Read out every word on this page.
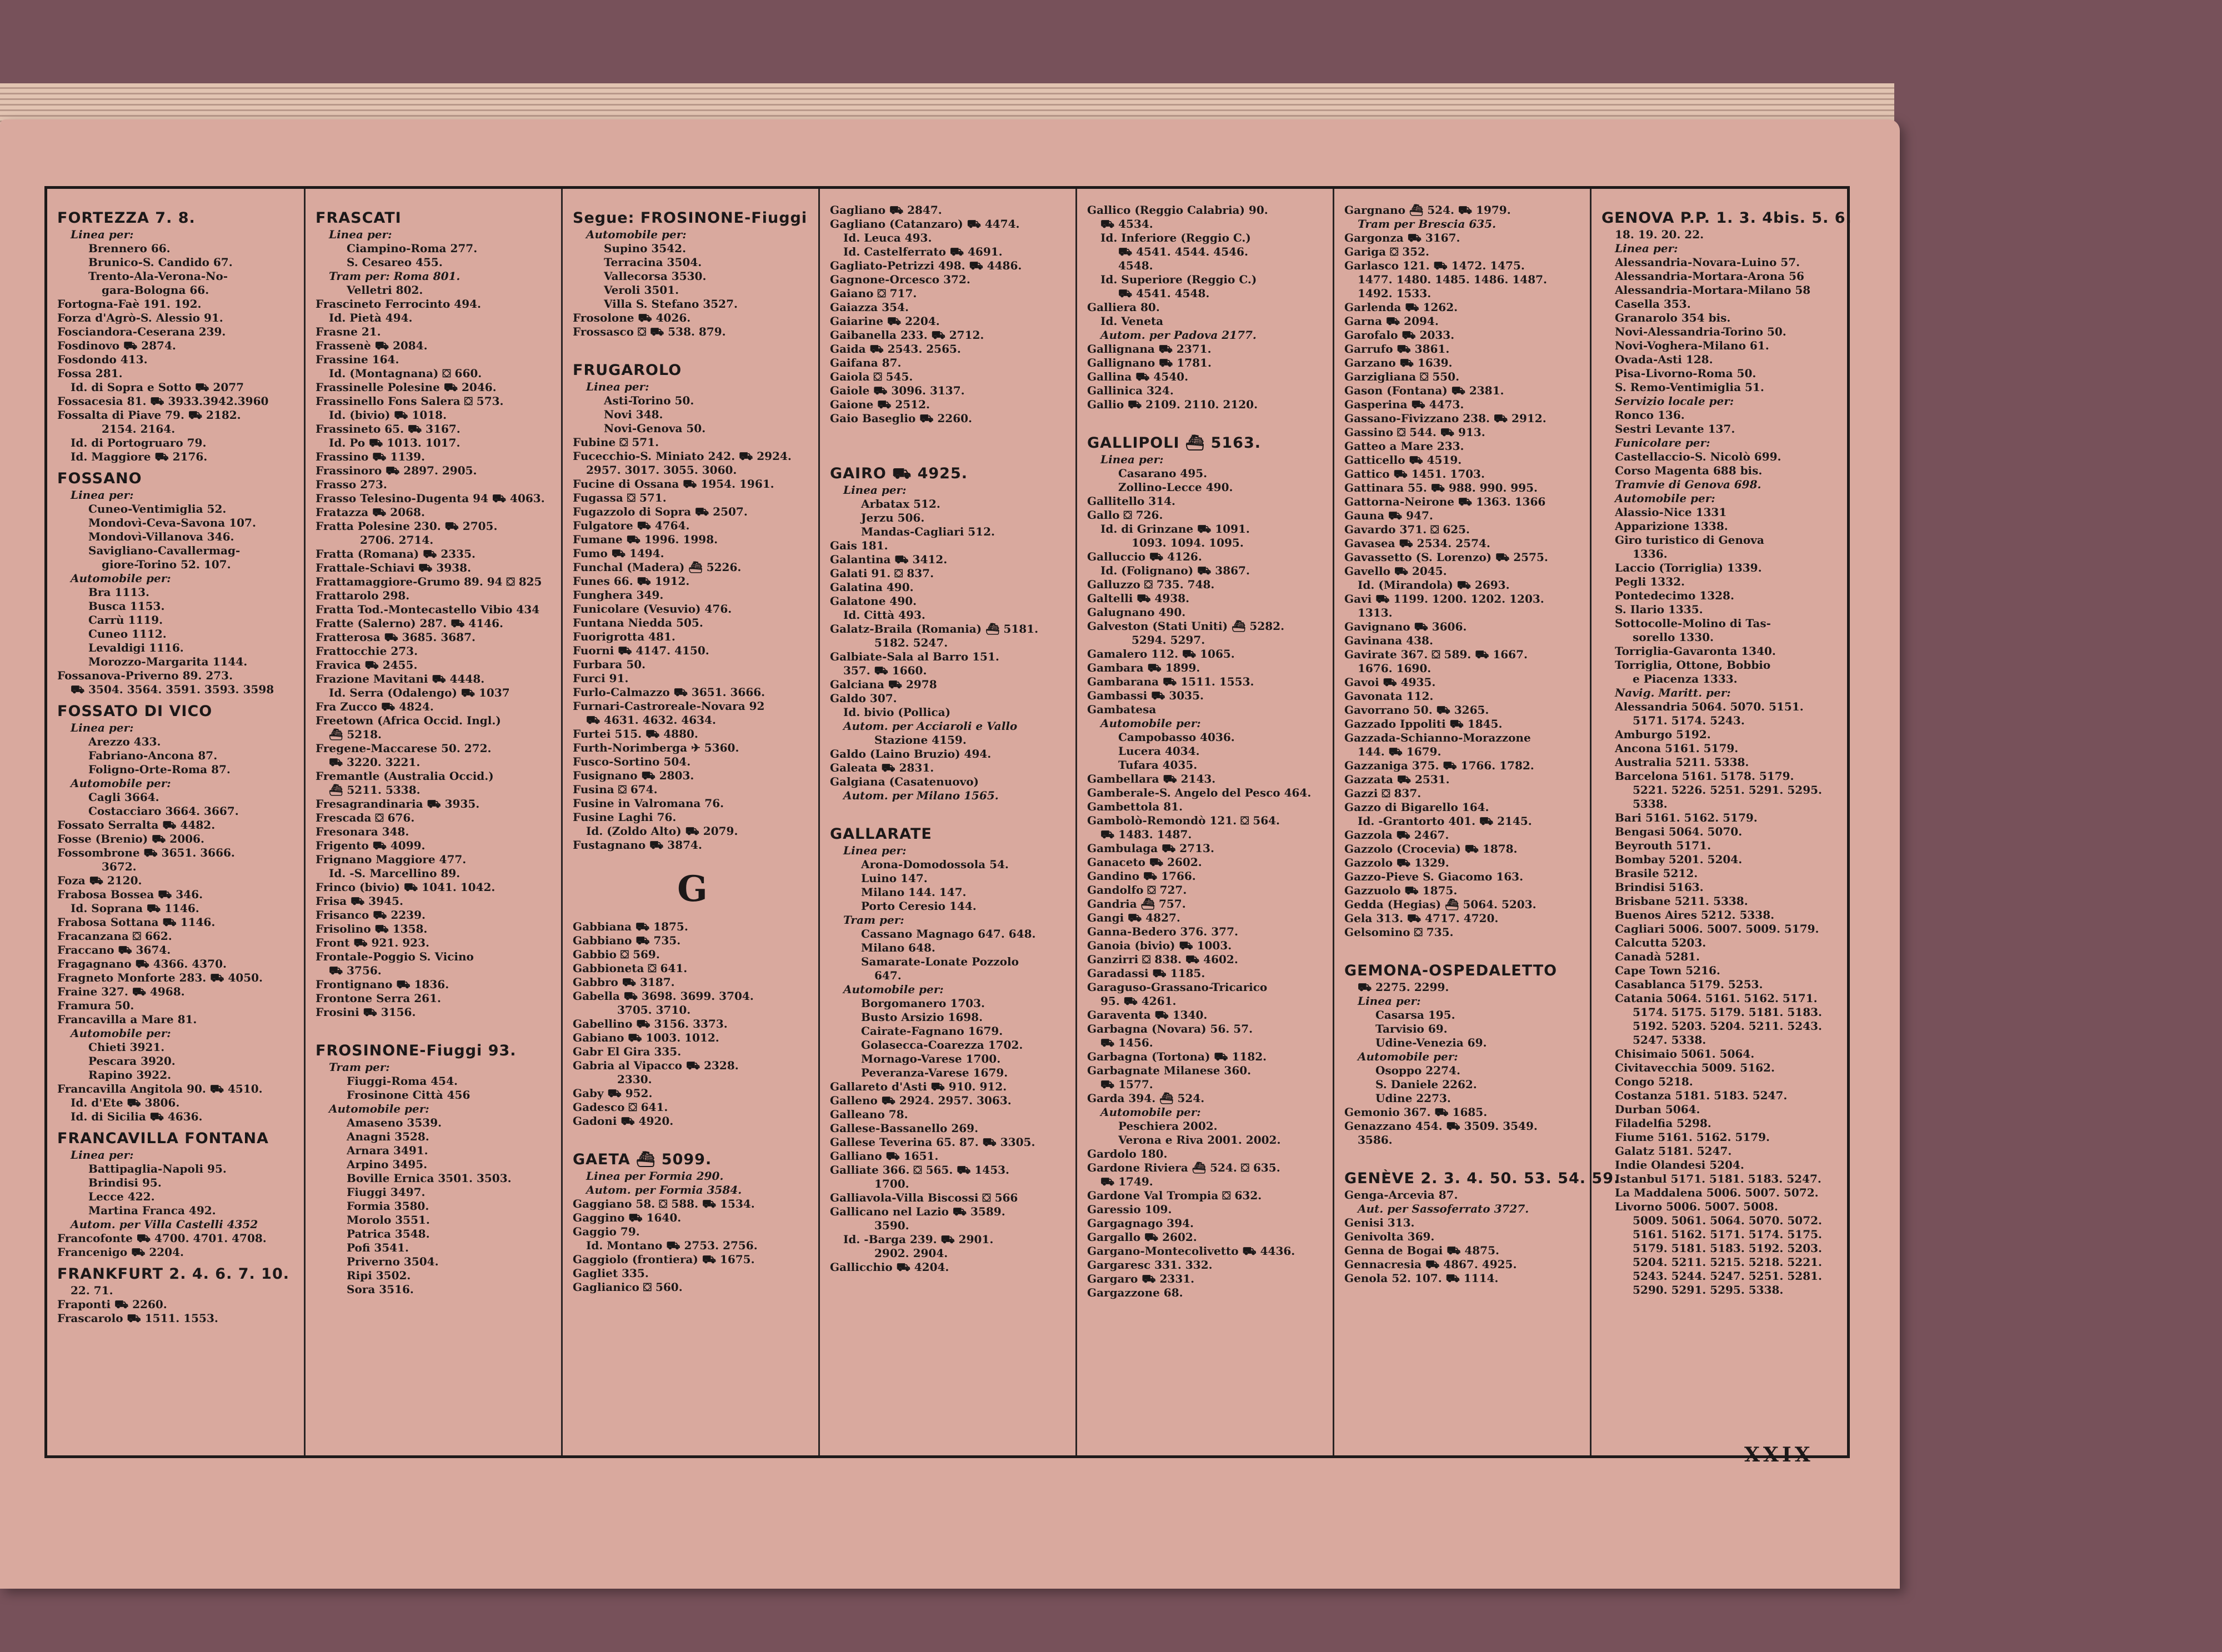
FORTEZZA 7. 8.
Linea per:
Brennero 66.
Brunico-S. Candido 67.
Trento-Ala-Verona-No-
gara-Bologna 66.
Fortogna-Faè 191. 192.
Forza d'Agrò-S. Alessio 91.
Fosciandora-Ceserana 239.
Fosdinovo ⛟ 2874.
Fosdondo 413.
Fossa 281.
Id. di Sopra e Sotto ⛟ 2077
Fossacesia 81. ⛟ 3933.3942.3960
Fossalta di Piave 79. ⛟ 2182.
2154. 2164.
Id. di Portogruaro 79.
Id. Maggiore ⛟ 2176.
FOSSANO
Linea per:
Cuneo-Ventimiglia 52.
Mondovì-Ceva-Savona 107.
Mondovì-Villanova 346.
Savigliano-Cavallermag-
giore-Torino 52. 107.
Automobile per:
Bra 1113.
Busca 1153.
Carrù 1119.
Cuneo 1112.
Levaldigi 1116.
Morozzo-Margarita 1144.
Fossanova-Priverno 89. 273.
⛟ 3504. 3564. 3591. 3593. 3598
FOSSATO DI VICO
Linea per:
Arezzo 433.
Fabriano-Ancona 87.
Foligno-Orte-Roma 87.
Automobile per:
Cagli 3664.
Costacciaro 3664. 3667.
Fossato Serralta ⛟ 4482.
Fosse (Brenio) ⛟ 2006.
Fossombrone ⛟ 3651. 3666.
3672.
Foza ⛟ 2120.
Frabosa Bossea ⛟ 346.
Id. Soprana ⛟ 1146.
Frabosa Sottana ⛟ 1146.
Fracanzana ⛋ 662.
Fraccano ⛟ 3674.
Fragagnano ⛟ 4366. 4370.
Fragneto Monforte 283. ⛟ 4050.
Fraine 327. ⛟ 4968.
Framura 50.
Francavilla a Mare 81.
Automobile per:
Chieti 3921.
Pescara 3920.
Rapino 3922.
Francavilla Angitola 90. ⛟ 4510.
Id. d'Ete ⛟ 3806.
Id. di Sicilia ⛟ 4636.
FRANCAVILLA FONTANA
Linea per:
Battipaglia-Napoli 95.
Brindisi 95.
Lecce 422.
Martina Franca 492.
Autom. per Villa Castelli 4352
Francofonte ⛟ 4700. 4701. 4708.
Francenigo ⛟ 2204.
FRANKFURT 2. 4. 6. 7. 10.
22. 71.
Fraponti ⛟ 2260.
Frascarolo ⛟ 1511. 1553.
FRASCATI
Linea per:
Ciampino-Roma 277.
S. Cesareo 455.
Tram per: Roma 801.
Velletri 802.
Frascineto Ferrocinto 494.
Id. Pietà 494.
Frasne 21.
Frassenè ⛟ 2084.
Frassine 164.
Id. (Montagnana) ⛋ 660.
Frassinelle Polesine ⛟ 2046.
Frassinello Fons Salera ⛋ 573.
Id. (bivio) ⛟ 1018.
Frassineto 65. ⛟ 3167.
Id. Po ⛟ 1013. 1017.
Frassino ⛟ 1139.
Frassinoro ⛟ 2897. 2905.
Frasso 273.
Frasso Telesino-Dugenta 94 ⛟ 4063.
Fratazza ⛟ 2068.
Fratta Polesine 230. ⛟ 2705.
2706. 2714.
Fratta (Romana) ⛟ 2335.
Frattale-Schiavi ⛟ 3938.
Frattamaggiore-Grumo 89. 94 ⛋ 825
Frattarolo 298.
Fratta Tod.-Montecastello Vibio 434
Fratte (Salerno) 287. ⛟ 4146.
Fratterosa ⛟ 3685. 3687.
Frattocchie 273.
Fravica ⛟ 2455.
Frazione Mavitani ⛟ 4448.
Id. Serra (Odalengo) ⛟ 1037
Fra Zucco ⛟ 4824.
Freetown (Africa Occid. Ingl.)
⛴ 5218.
Fregene-Maccarese 50. 272.
⛟ 3220. 3221.
Fremantle (Australia Occid.)
⛴ 5211. 5338.
Fresagrandinaria ⛟ 3935.
Frescada ⛋ 676.
Fresonara 348.
Frigento ⛟ 4099.
Frignano Maggiore 477.
Id. -S. Marcellino 89.
Frinco (bivio) ⛟ 1041. 1042.
Frisa ⛟ 3945.
Frisanco ⛟ 2239.
Frisolino ⛟ 1358.
Front ⛟ 921. 923.
Frontale-Poggio S. Vicino
⛟ 3756.
Frontignano ⛟ 1836.
Frontone Serra 261.
Frosini ⛟ 3156.
FROSINONE-Fiuggi 93.
Tram per:
Fiuggi-Roma 454.
Frosinone Città 456
Automobile per:
Amaseno 3539.
Anagni 3528.
Arnara 3491.
Arpino 3495.
Boville Ernica 3501. 3503.
Fiuggi 3497.
Formia 3580.
Morolo 3551.
Patrica 3548.
Pofi 3541.
Priverno 3504.
Ripi 3502.
Sora 3516.
Segue: FROSINONE-Fiuggi
Automobile per:
Supino 3542.
Terracina 3504.
Vallecorsa 3530.
Veroli 3501.
Villa S. Stefano 3527.
Frosolone ⛟ 4026.
Frossasco ⛋ ⛟ 538. 879.
FRUGAROLO
Linea per:
Asti-Torino 50.
Novi 348.
Novi-Genova 50.
Fubine ⛋ 571.
Fucecchio-S. Miniato 242. ⛟ 2924.
2957. 3017. 3055. 3060.
Fucine di Ossana ⛟ 1954. 1961.
Fugassa ⛋ 571.
Fugazzolo di Sopra ⛟ 2507.
Fulgatore ⛟ 4764.
Fumane ⛟ 1996. 1998.
Fumo ⛟ 1494.
Funchal (Madera) ⛴ 5226.
Funes 66. ⛟ 1912.
Funghera 349.
Funicolare (Vesuvio) 476.
Funtana Niedda 505.
Fuorigrotta 481.
Fuorni ⛟ 4147. 4150.
Furbara 50.
Furci 91.
Furlo-Calmazzo ⛟ 3651. 3666.
Furnari-Castroreale-Novara 92
⛟ 4631. 4632. 4634.
Furtei 515. ⛟ 4880.
Furth-Norimberga ✈ 5360.
Fusco-Sortino 504.
Fusignano ⛟ 2803.
Fusina ⛋ 674.
Fusine in Valromana 76.
Fusine Laghi 76.
Id. (Zoldo Alto) ⛟ 2079.
Fustagnano ⛟ 3874.
G
Gabbiana ⛟ 1875.
Gabbiano ⛟ 735.
Gabbio ⛋ 569.
Gabbioneta ⛋ 641.
Gabbro ⛟ 3187.
Gabella ⛟ 3698. 3699. 3704.
3705. 3710.
Gabellino ⛟ 3156. 3373.
Gabiano ⛟ 1003. 1012.
Gabr El Gira 335.
Gabria al Vipacco ⛟ 2328.
2330.
Gaby ⛟ 952.
Gadesco ⛋ 641.
Gadoni ⛟ 4920.
GAETA ⛴ 5099.
Linea per Formia 290.
Autom. per Formia 3584.
Gaggiano 58. ⛋ 588. ⛟ 1534.
Gaggino ⛟ 1640.
Gaggio 79.
Id. Montano ⛟ 2753. 2756.
Gaggiolo (frontiera) ⛟ 1675.
Gagliet 335.
Gaglianico ⛋ 560.
Gagliano ⛟ 2847.
Gagliano (Catanzaro) ⛟ 4474.
Id. Leuca 493.
Id. Castelferrato ⛟ 4691.
Gagliato-Petrizzi 498. ⛟ 4486.
Gagnone-Orcesco 372.
Gaiano ⛋ 717.
Gaiazza 354.
Gaiarine ⛟ 2204.
Gaibanella 233. ⛟ 2712.
Gaida ⛟ 2543. 2565.
Gaifana 87.
Gaiola ⛋ 545.
Gaiole ⛟ 3096. 3137.
Gaione ⛟ 2512.
Gaio Baseglio ⛟ 2260.
GAIRO ⛟ 4925.
Linea per:
Arbatax 512.
Jerzu 506.
Mandas-Cagliari 512.
Gais 181.
Galantina ⛟ 3412.
Galati 91. ⛋ 837.
Galatina 490.
Galatone 490.
Id. Città 493.
Galatz-Braila (Romania) ⛴ 5181.
5182. 5247.
Galbiate-Sala al Barro 151.
357. ⛟ 1660.
Galciana ⛟ 2978
Galdo 307.
Id. bivio (Pollica)
Autom. per Acciaroli e Vallo
Stazione 4159.
Galdo (Laino Bruzio) 494.
Galeata ⛟ 2831.
Galgiana (Casatenuovo)
Autom. per Milano 1565.
GALLARATE
Linea per:
Arona-Domodossola 54.
Luino 147.
Milano 144. 147.
Porto Ceresio 144.
Tram per:
Cassano Magnago 647. 648.
Milano 648.
Samarate-Lonate Pozzolo
647.
Automobile per:
Borgomanero 1703.
Busto Arsizio 1698.
Cairate-Fagnano 1679.
Golasecca-Coarezza 1702.
Mornago-Varese 1700.
Peveranza-Varese 1679.
Gallareto d'Asti ⛟ 910. 912.
Galleno ⛟ 2924. 2957. 3063.
Galleano 78.
Gallese-Bassanello 269.
Gallese Teverina 65. 87. ⛟ 3305.
Galliano ⛟ 1651.
Galliate 366. ⛋ 565. ⛟ 1453.
1700.
Galliavola-Villa Biscossi ⛋ 566
Gallicano nel Lazio ⛟ 3589.
3590.
Id. -Barga 239. ⛟ 2901.
2902. 2904.
Gallicchio ⛟ 4204.
Gallico (Reggio Calabria) 90.
⛟ 4534.
Id. Inferiore (Reggio C.)
⛟ 4541. 4544. 4546.
4548.
Id. Superiore (Reggio C.)
⛟ 4541. 4548.
Galliera 80.
Id. Veneta
Autom. per Padova 2177.
Gallignana ⛟ 2371.
Gallignano ⛟ 1781.
Gallina ⛟ 4540.
Gallinica 324.
Gallio ⛟ 2109. 2110. 2120.
GALLIPOLI ⛴ 5163.
Linea per:
Casarano 495.
Zollino-Lecce 490.
Gallitello 314.
Gallo ⛋ 726.
Id. di Grinzane ⛟ 1091.
1093. 1094. 1095.
Galluccio ⛟ 4126.
Id. (Folignano) ⛟ 3867.
Galluzzo ⛋ 735. 748.
Galtelli ⛟ 4938.
Galugnano 490.
Galveston (Stati Uniti) ⛴ 5282.
5294. 5297.
Gamalero 112. ⛟ 1065.
Gambara ⛟ 1899.
Gambarana ⛟ 1511. 1553.
Gambassi ⛟ 3035.
Gambatesa
Automobile per:
Campobasso 4036.
Lucera 4034.
Tufara 4035.
Gambellara ⛟ 2143.
Gamberale-S. Angelo del Pesco 464.
Gambettola 81.
Gambolò-Remondò 121. ⛋ 564.
⛟ 1483. 1487.
Gambulaga ⛟ 2713.
Ganaceto ⛟ 2602.
Gandino ⛟ 1766.
Gandolfo ⛋ 727.
Gandria ⛴ 757.
Gangi ⛟ 4827.
Ganna-Bedero 376. 377.
Ganoia (bivio) ⛟ 1003.
Ganzirri ⛋ 838. ⛟ 4602.
Garadassi ⛟ 1185.
Garaguso-Grassano-Tricarico
95. ⛟ 4261.
Garaventa ⛟ 1340.
Garbagna (Novara) 56. 57.
⛟ 1456.
Garbagna (Tortona) ⛟ 1182.
Garbagnate Milanese 360.
⛟ 1577.
Garda 394. ⛴ 524.
Automobile per:
Peschiera 2002.
Verona e Riva 2001. 2002.
Gardolo 180.
Gardone Riviera ⛴ 524. ⛋ 635.
⛟ 1749.
Gardone Val Trompia ⛋ 632.
Garessio 109.
Gargagnago 394.
Gargallo ⛟ 2602.
Gargano-Montecolivetto ⛟ 4436.
Gargaresc 331. 332.
Gargaro ⛟ 2331.
Gargazzone 68.
Gargnano ⛴ 524. ⛟ 1979.
Tram per Brescia 635.
Gargonza ⛟ 3167.
Gariga ⛋ 352.
Garlasco 121. ⛟ 1472. 1475.
1477. 1480. 1485. 1486. 1487.
1492. 1533.
Garlenda ⛟ 1262.
Garna ⛟ 2094.
Garofalo ⛟ 2033.
Garrufo ⛟ 3861.
Garzano ⛟ 1639.
Garzigliana ⛋ 550.
Gason (Fontana) ⛟ 2381.
Gasperina ⛟ 4473.
Gassano-Fivizzano 238. ⛟ 2912.
Gassino ⛋ 544. ⛟ 913.
Gatteo a Mare 233.
Gatticello ⛟ 4519.
Gattico ⛟ 1451. 1703.
Gattinara 55. ⛟ 988. 990. 995.
Gattorna-Neirone ⛟ 1363. 1366
Gauna ⛟ 947.
Gavardo 371. ⛋ 625.
Gavasea ⛟ 2534. 2574.
Gavassetto (S. Lorenzo) ⛟ 2575.
Gavello ⛟ 2045.
Id. (Mirandola) ⛟ 2693.
Gavi ⛟ 1199. 1200. 1202. 1203.
1313.
Gavignano ⛟ 3606.
Gavinana 438.
Gavirate 367. ⛋ 589. ⛟ 1667.
1676. 1690.
Gavoi ⛟ 4935.
Gavonata 112.
Gavorrano 50. ⛟ 3265.
Gazzado Ippoliti ⛟ 1845.
Gazzada-Schianno-Morazzone
144. ⛟ 1679.
Gazzaniga 375. ⛟ 1766. 1782.
Gazzata ⛟ 2531.
Gazzi ⛋ 837.
Gazzo di Bigarello 164.
Id. -Grantorto 401. ⛟ 2145.
Gazzola ⛟ 2467.
Gazzolo (Crocevia) ⛟ 1878.
Gazzolo ⛟ 1329.
Gazzo-Pieve S. Giacomo 163.
Gazzuolo ⛟ 1875.
Gedda (Hegias) ⛴ 5064. 5203.
Gela 313. ⛟ 4717. 4720.
Gelsomino ⛋ 735.
GEMONA-OSPEDALETTO
⛟ 2275. 2299.
Linea per:
Casarsa 195.
Tarvisio 69.
Udine-Venezia 69.
Automobile per:
Osoppo 2274.
S. Daniele 2262.
Udine 2273.
Gemonio 367. ⛟ 1685.
Genazzano 454. ⛟ 3509. 3549.
3586.
GENÈVE 2. 3. 4. 50. 53. 54. 59.
Genga-Arcevia 87.
Aut. per Sassoferrato 3727.
Genisi 313.
Genivolta 369.
Genna de Bogai ⛟ 4875.
Gennacresia ⛟ 4867. 4925.
Genola 52. 107. ⛟ 1114.
GENOVA P.P. 1. 3. 4bis. 5. 6.
18. 19. 20. 22.
Linea per:
Alessandria-Novara-Luino 57.
Alessandria-Mortara-Arona 56
Alessandria-Mortara-Milano 58
Casella 353.
Granarolo 354 bis.
Novi-Alessandria-Torino 50.
Novi-Voghera-Milano 61.
Ovada-Asti 128.
Pisa-Livorno-Roma 50.
S. Remo-Ventimiglia 51.
Servizio locale per:
Ronco 136.
Sestri Levante 137.
Funicolare per:
Castellaccio-S. Nicolò 699.
Corso Magenta 688 bis.
Tramvie di Genova 698.
Automobile per:
Alassio-Nice 1331
Apparizione 1338.
Giro turistico di Genova
1336.
Laccio (Torriglia) 1339.
Pegli 1332.
Pontedecimo 1328.
S. Ilario 1335.
Sottocolle-Molino di Tas-
sorello 1330.
Torriglia-Gavaronta 1340.
Torriglia, Ottone, Bobbio
e Piacenza 1333.
Navig. Maritt. per:
Alessandria 5064. 5070. 5151.
5171. 5174. 5243.
Amburgo 5192.
Ancona 5161. 5179.
Australia 5211. 5338.
Barcelona 5161. 5178. 5179.
5221. 5226. 5251. 5291. 5295.
5338.
Bari 5161. 5162. 5179.
Bengasi 5064. 5070.
Beyrouth 5171.
Bombay 5201. 5204.
Brasile 5212.
Brindisi 5163.
Brisbane 5211. 5338.
Buenos Aires 5212. 5338.
Cagliari 5006. 5007. 5009. 5179.
Calcutta 5203.
Canadà 5281.
Cape Town 5216.
Casablanca 5179. 5253.
Catania 5064. 5161. 5162. 5171.
5174. 5175. 5179. 5181. 5183.
5192. 5203. 5204. 5211. 5243.
5247. 5338.
Chisimaio 5061. 5064.
Civitavecchia 5009. 5162.
Congo 5218.
Costanza 5181. 5183. 5247.
Durban 5064.
Filadelfia 5298.
Fiume 5161. 5162. 5179.
Galatz 5181. 5247.
Indie Olandesi 5204.
Istanbul 5171. 5181. 5183. 5247.
La Maddalena 5006. 5007. 5072.
Livorno 5006. 5007. 5008.
5009. 5061. 5064. 5070. 5072.
5161. 5162. 5171. 5174. 5175.
5179. 5181. 5183. 5192. 5203.
5204. 5211. 5215. 5218. 5221.
5243. 5244. 5247. 5251. 5281.
5290. 5291. 5295. 5338.
XXIX
